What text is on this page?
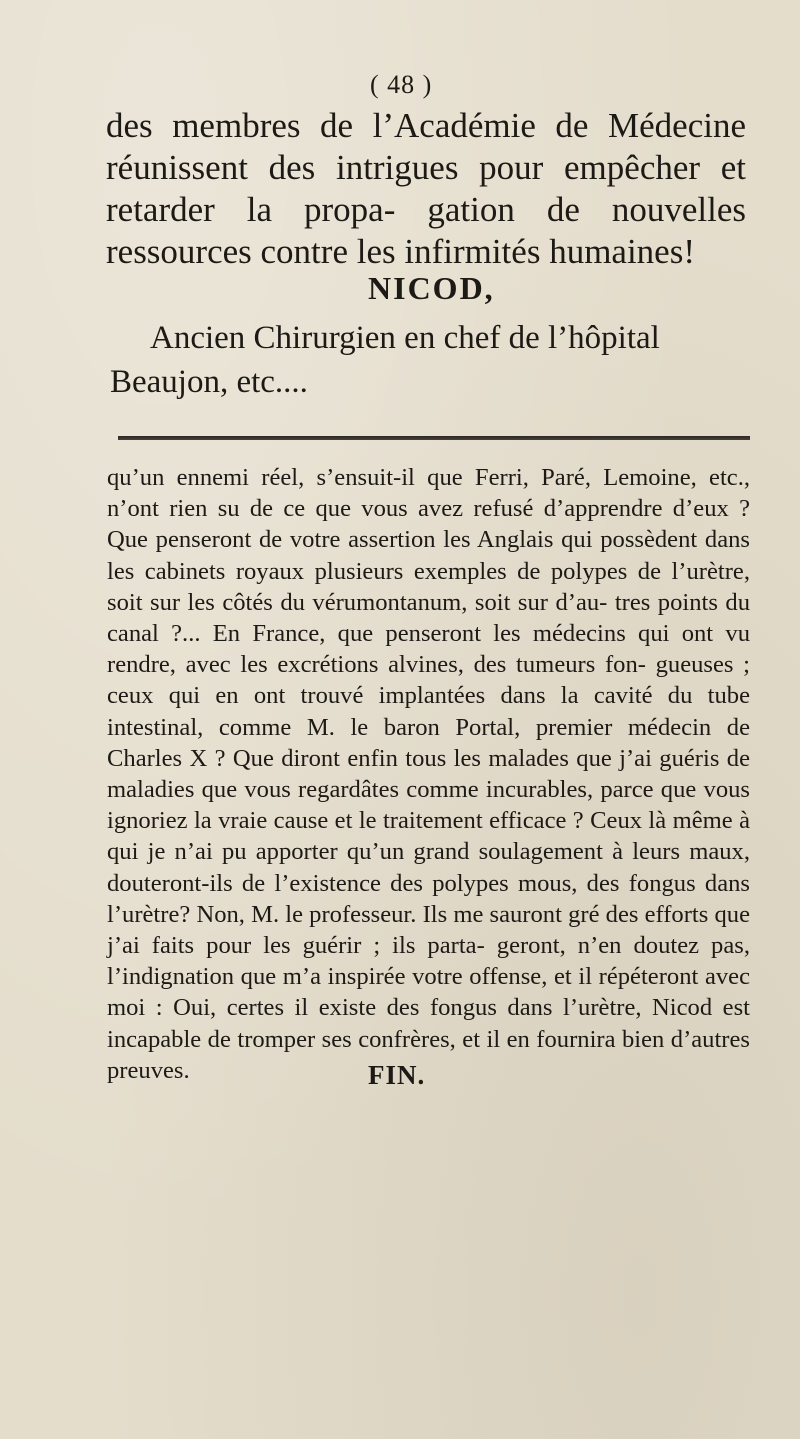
( 48 )

des membres de l’Académie de Médecine réunissent des intrigues pour empêcher et retarder la propa- gation de nouvelles ressources contre les infirmités humaines!

NICOD,

Ancien Chirurgien en chef de l’hôpital

Beaujon, etc....

qu’un ennemi réel, s’ensuit-il que Ferri, Paré, Lemoine, etc., n’ont rien su de ce que vous avez refusé d’apprendre d’eux ? Que penseront de votre assertion les Anglais qui possèdent dans les cabinets royaux plusieurs exemples de polypes de l’urètre, soit sur les côtés du vérumontanum, soit sur d’au- tres points du canal ?... En France, que penseront les médecins qui ont vu rendre, avec les excrétions alvines, des tumeurs fon- gueuses ; ceux qui en ont trouvé implantées dans la cavité du tube intestinal, comme M. le baron Portal, premier médecin de Charles X ? Que diront enfin tous les malades que j’ai guéris de maladies que vous regardâtes comme incurables, parce que vous ignoriez la vraie cause et le traitement efficace ? Ceux là même à qui je n’ai pu apporter qu’un grand soulagement à leurs maux, douteront-ils de l’existence des polypes mous, des fongus dans l’urètre? Non, M. le professeur. Ils me sauront gré des efforts que j’ai faits pour les guérir ; ils parta- geront, n’en doutez pas, l’indignation que m’a inspirée votre offense, et il répéteront avec moi : Oui, certes il existe des fongus dans l’urètre, Nicod est incapable de tromper ses confrères, et il en fournira bien d’autres preuves.	FIN.
